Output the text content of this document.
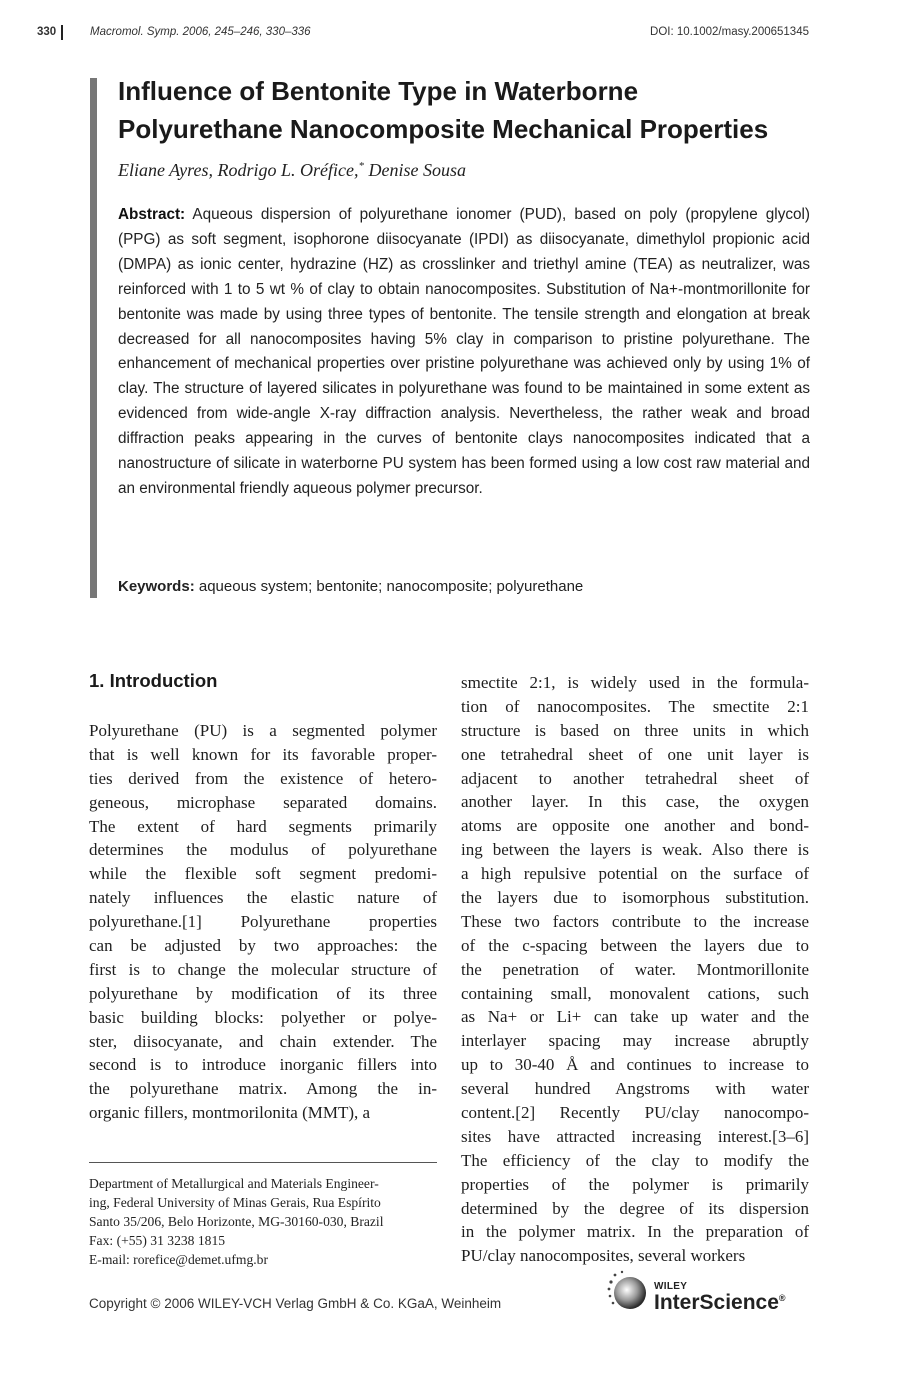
330	Macromol. Symp. 2006, 245–246, 330–336	DOI: 10.1002/masy.200651345
Influence of Bentonite Type in Waterborne
Polyurethane Nanocomposite Mechanical Properties
Eliane Ayres, Rodrigo L. Oréfice,* Denise Sousa
Abstract: Aqueous dispersion of polyurethane ionomer (PUD), based on poly (propylene glycol) (PPG) as soft segment, isophorone diisocyanate (IPDI) as diisocyanate, dimethylol propionic acid (DMPA) as ionic center, hydrazine (HZ) as crosslinker and triethyl amine (TEA) as neutralizer, was reinforced with 1 to 5 wt % of clay to obtain nanocomposites. Substitution of Na+-montmorillonite for bentonite was made by using three types of bentonite. The tensile strength and elongation at break decreased for all nanocomposites having 5% clay in comparison to pristine polyurethane. The enhancement of mechanical properties over pristine polyurethane was achieved only by using 1% of clay. The structure of layered silicates in polyurethane was found to be maintained in some extent as evidenced from wide-angle X-ray diffraction analysis. Nevertheless, the rather weak and broad diffraction peaks appearing in the curves of bentonite clays nanocomposites indicated that a nanostructure of silicate in waterborne PU system has been formed using a low cost raw material and an environmental friendly aqueous polymer precursor.
Keywords: aqueous system; bentonite; nanocomposite; polyurethane
1. Introduction
Polyurethane (PU) is a segmented polymer
that is well known for its favorable proper-
ties derived from the existence of hetero-
geneous, microphase separated domains.
The extent of hard segments primarily
determines the modulus of polyurethane
while the flexible soft segment predomi-
nately influences the elastic nature of
polyurethane.[1] Polyurethane properties
can be adjusted by two approaches: the
first is to change the molecular structure of
polyurethane by modification of its three
basic building blocks: polyether or polye-
ster, diisocyanate, and chain extender. The
second is to introduce inorganic fillers into
the polyurethane matrix. Among the in-
organic fillers, montmorilonita (MMT), a
smectite 2:1, is widely used in the formula-
tion of nanocomposites. The smectite 2:1
structure is based on three units in which
one tetrahedral sheet of one unit layer is
adjacent to another tetrahedral sheet of
another layer. In this case, the oxygen
atoms are opposite one another and bond-
ing between the layers is weak. Also there is
a high repulsive potential on the surface of
the layers due to isomorphous substitution.
These two factors contribute to the increase
of the c-spacing between the layers due to
the penetration of water. Montmorillonite
containing small, monovalent cations, such
as Na+ or Li+ can take up water and the
interlayer spacing may increase abruptly
up to 30-40 Å and continues to increase to
several hundred Angstroms with water
content.[2] Recently PU/clay nanocompo-
sites have attracted increasing interest.[3–6]
The efficiency of the clay to modify the
properties of the polymer is primarily
determined by the degree of its dispersion
in the polymer matrix. In the preparation of
PU/clay nanocomposites, several workers
Department of Metallurgical and Materials Engineer-
ing, Federal University of Minas Gerais, Rua Espírito
Santo 35/206, Belo Horizonte, MG-30160-030, Brazil
Fax: (+55) 31 3238 1815
E-mail: rorefice@demet.ufmg.br
Copyright © 2006 WILEY-VCH Verlag GmbH & Co. KGaA, Weinheim
WILEY
InterScience®
